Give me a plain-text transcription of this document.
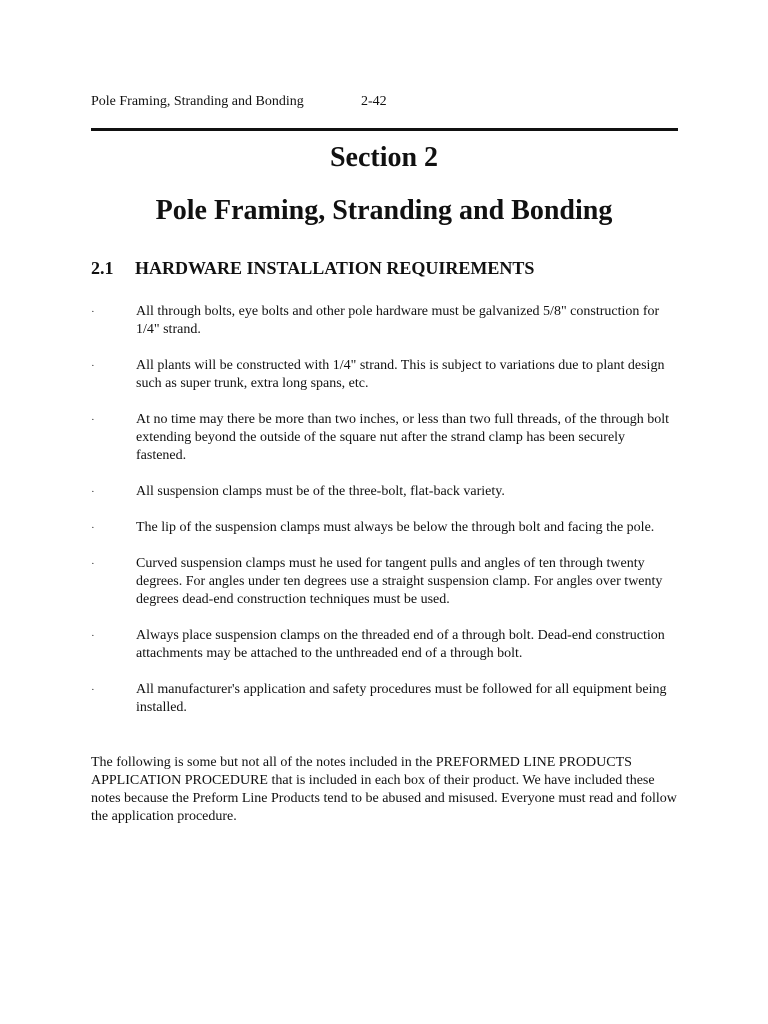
Pole Framing, Stranding and Bonding	2-42
Section 2
Pole Framing, Stranding and Bonding
2.1 HARDWARE INSTALLATION REQUIREMENTS
·	All through bolts, eye bolts and other pole hardware must be galvanized 5/8" construction for 1/4" strand.
·	All plants will be constructed with 1/4" strand. This is subject to variations due to plant design such as super trunk, extra long spans, etc.
·	At no time may there be more than two inches, or less than two full threads, of the through bolt extending beyond the outside of the square nut after the strand clamp has been securely fastened.
·	All suspension clamps must be of the three-bolt, flat-back variety.
·	The lip of the suspension clamps must always be below the through bolt and facing the pole.
·	Curved suspension clamps must he used for tangent pulls and angles of ten through twenty degrees. For angles under ten degrees use a straight suspension clamp. For angles over twenty degrees dead-end construction techniques must be used.
·	Always place suspension clamps on the threaded end of a through bolt. Dead-end construction attachments may be attached to the unthreaded end of a through bolt.
·	All manufacturer's application and safety procedures must be followed for all equipment being installed.
The following is some but not all of the notes included in the PREFORMED LINE PRODUCTS APPLICATION PROCEDURE that is included in each box of their product. We have included these notes because the Preform Line Products tend to be abused and misused. Everyone must read and follow the application procedure.
